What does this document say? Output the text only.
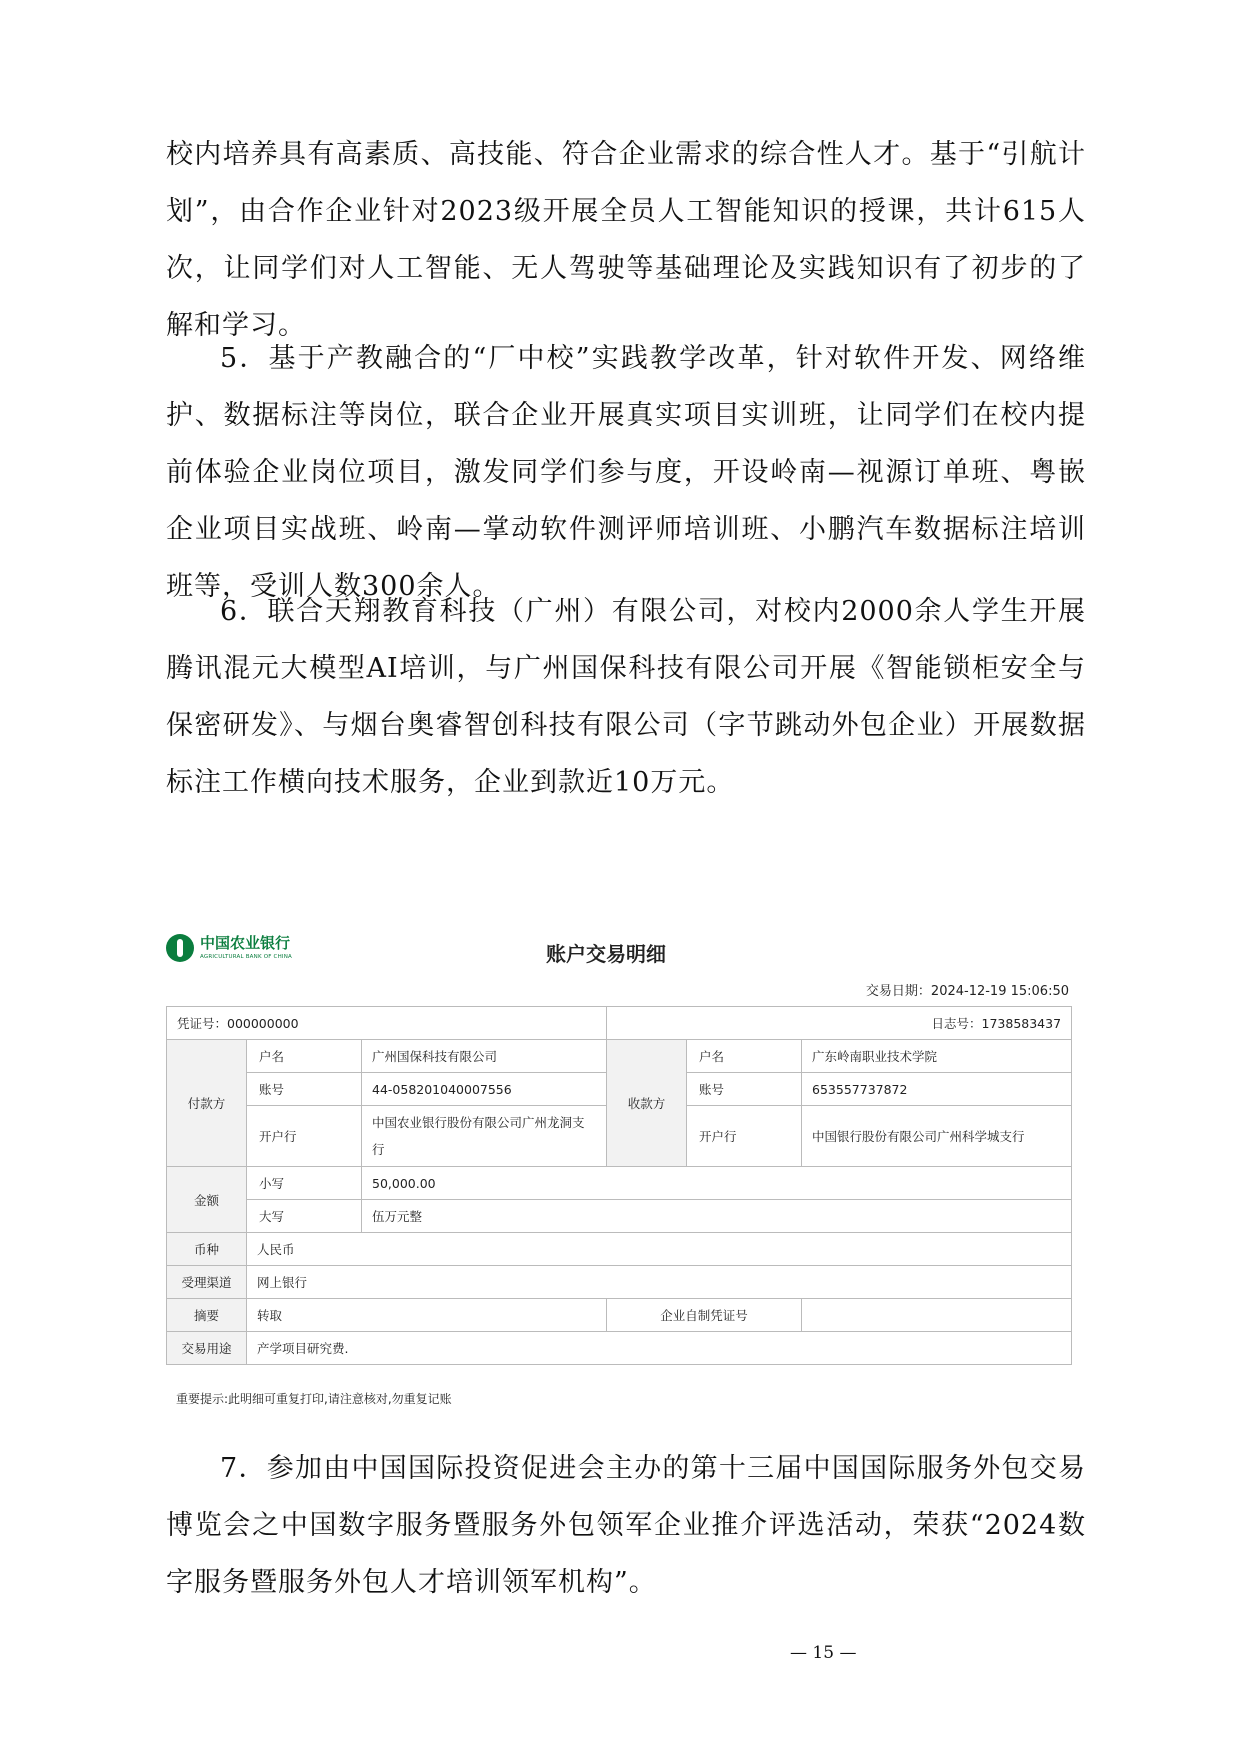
校内培养具有高素质、高技能、符合企业需求的综合性人才。基于“引航计划”，由合作企业针对2023级开展全员人工智能知识的授课，共计615人次，让同学们对人工智能、无人驾驶等基础理论及实践知识有了初步的了解和学习。

5．基于产教融合的“厂中校”实践教学改革，针对软件开发、网络维护、数据标注等岗位，联合企业开展真实项目实训班，让同学们在校内提前体验企业岗位项目，激发同学们参与度，开设岭南—视源订单班、粤嵌企业项目实战班、岭南—掌动软件测评师培训班、小鹏汽车数据标注培训班等，受训人数300余人。

6．联合天翔教育科技（广州）有限公司，对校内2000余人学生开展腾讯混元大模型AI培训，与广州国保科技有限公司开展《智能锁柜安全与保密研发》、与烟台奥睿智创科技有限公司（字节跳动外包企业）开展数据标注工作横向技术服务，企业到款近10万元。

中国农业银行
AGRICULTURAL BANK OF CHINA	账户交易明细
交易日期：2024-12-19 15:06:50
凭证号：000000000			日志号：1738583437		
付款方	户名	广州国保科技有限公司	收款方	户名	广东岭南职业技术学院
	账号	44-058201040007556		账号	653557737872
	开户行	中国农业银行股份有限公司广州龙洞支行		开户行	中国银行股份有限公司广州科学城支行
金额	小写	50,000.00			
	大写	伍万元整			
币种	人民币				
受理渠道	网上银行				
摘要	转取		企业自制凭证号		
交易用途	产学项目研究费.				
重要提示:此明细可重复打印,请注意核对,勿重复记账

7．参加由中国国际投资促进会主办的第十三届中国国际服务外包交易博览会之中国数字服务暨服务外包领军企业推介评选活动，荣获“2024数字服务暨服务外包人才培训领军机构”。

— 15 —
